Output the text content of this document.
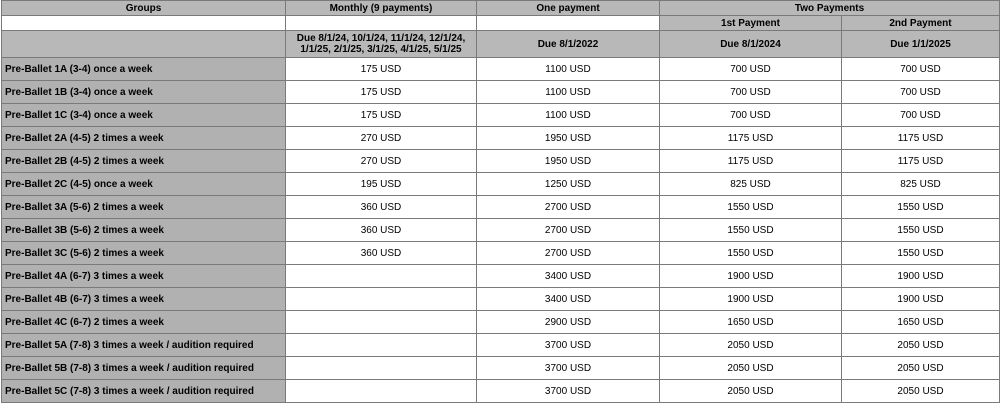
Groups	Monthly (9 payments)	One payment	Two Payments	
			1st Payment	2nd Payment
	Due 8/1/24, 10/1/24, 11/1/24, 12/1/24, 1/1/25, 2/1/25, 3/1/25, 4/1/25, 5/1/25	Due 8/1/2022	Due 8/1/2024	Due 1/1/2025
Pre-Ballet 1A (3-4) once a week	175 USD	1100 USD	700 USD	700 USD
Pre-Ballet 1B (3-4) once a week	175 USD	1100 USD	700 USD	700 USD
Pre-Ballet 1C (3-4) once a week	175 USD	1100 USD	700 USD	700 USD
Pre-Ballet 2A (4-5) 2 times a week	270 USD	1950 USD	1175 USD	1175 USD
Pre-Ballet 2B (4-5) 2 times a week	270 USD	1950 USD	1175 USD	1175 USD
Pre-Ballet 2C (4-5) once a week	195 USD	1250 USD	825 USD	825 USD
Pre-Ballet 3A (5-6) 2 times a week	360 USD	2700 USD	1550 USD	1550 USD
Pre-Ballet 3B (5-6) 2 times a week	360 USD	2700 USD	1550 USD	1550 USD
Pre-Ballet 3C (5-6) 2 times a week	360 USD	2700 USD	1550 USD	1550 USD
Pre-Ballet 4A (6-7) 3 times a week		3400 USD	1900 USD	1900 USD
Pre-Ballet 4B (6-7) 3 times a week		3400 USD	1900 USD	1900 USD
Pre-Ballet 4C (6-7) 2 times a week		2900 USD	1650 USD	1650 USD
Pre-Ballet 5A (7-8) 3 times a week / audition required		3700 USD	2050 USD	2050 USD
Pre-Ballet 5B (7-8) 3 times a week / audition required		3700 USD	2050 USD	2050 USD
Pre-Ballet 5C (7-8) 3 times a week / audition required		3700 USD	2050 USD	2050 USD
